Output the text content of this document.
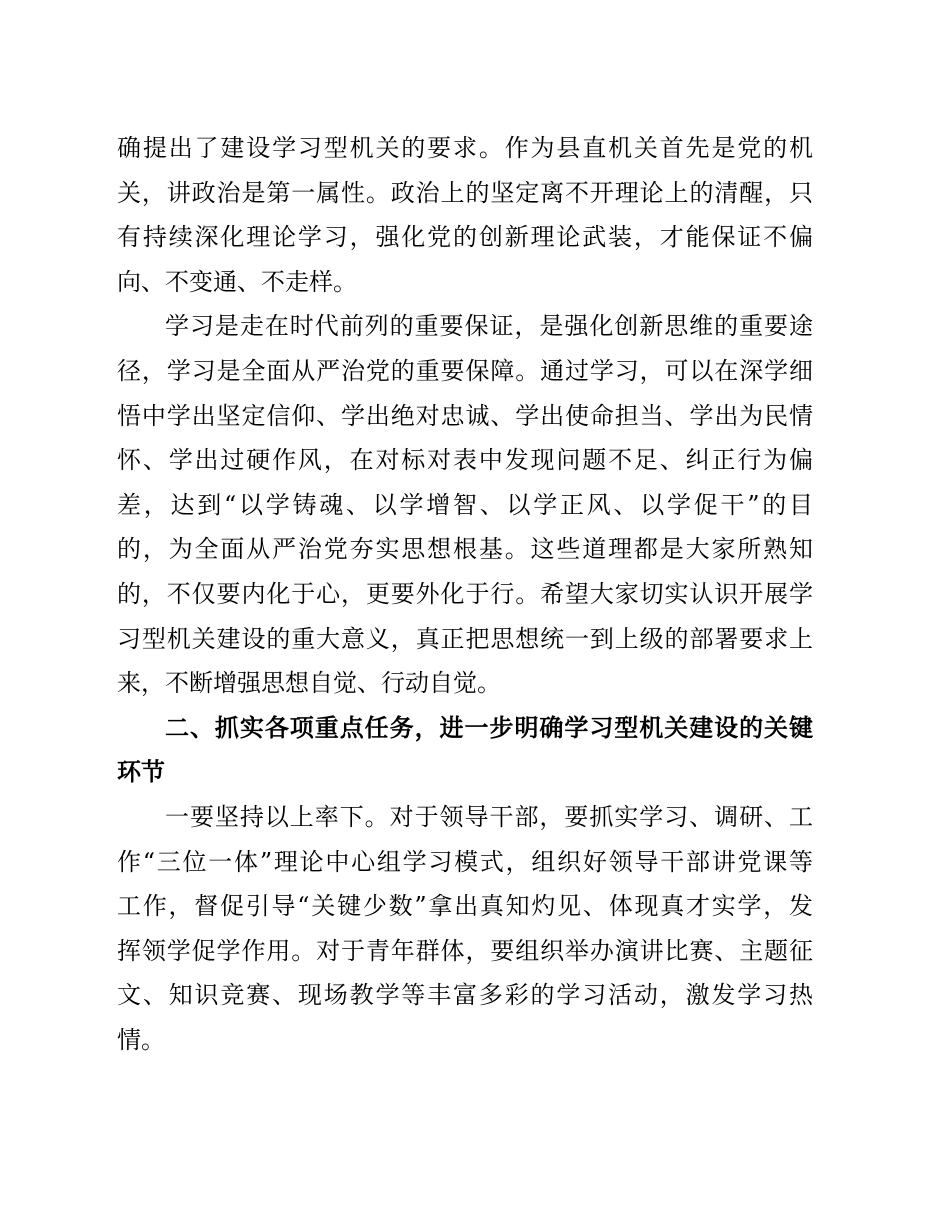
确提出了建设学习型机关的要求。作为县直机关首先是党的机
关，讲政治是第一属性。政治上的坚定离不开理论上的清醒，只
有持续深化理论学习，强化党的创新理论武装，才能保证不偏
向、不变通、不走样。
学习是走在时代前列的重要保证，是强化创新思维的重要途
径，学习是全面从严治党的重要保障。通过学习，可以在深学细
悟中学出坚定信仰、学出绝对忠诚、学出使命担当、学出为民情
怀、学出过硬作风，在对标对表中发现问题不足、纠正行为偏
差，达到“以学铸魂、以学增智、以学正风、以学促干”的目
的，为全面从严治党夯实思想根基。这些道理都是大家所熟知
的，不仅要内化于心，更要外化于行。希望大家切实认识开展学
习型机关建设的重大意义，真正把思想统一到上级的部署要求上
来，不断增强思想自觉、行动自觉。
二、抓实各项重点任务，进一步明确学习型机关建设的关键
环节
一要坚持以上率下。对于领导干部，要抓实学习、调研、工
作“三位一体”理论中心组学习模式，组织好领导干部讲党课等
工作，督促引导“关键少数”拿出真知灼见、体现真才实学，发
挥领学促学作用。对于青年群体，要组织举办演讲比赛、主题征
文、知识竞赛、现场教学等丰富多彩的学习活动，激发学习热
情。
